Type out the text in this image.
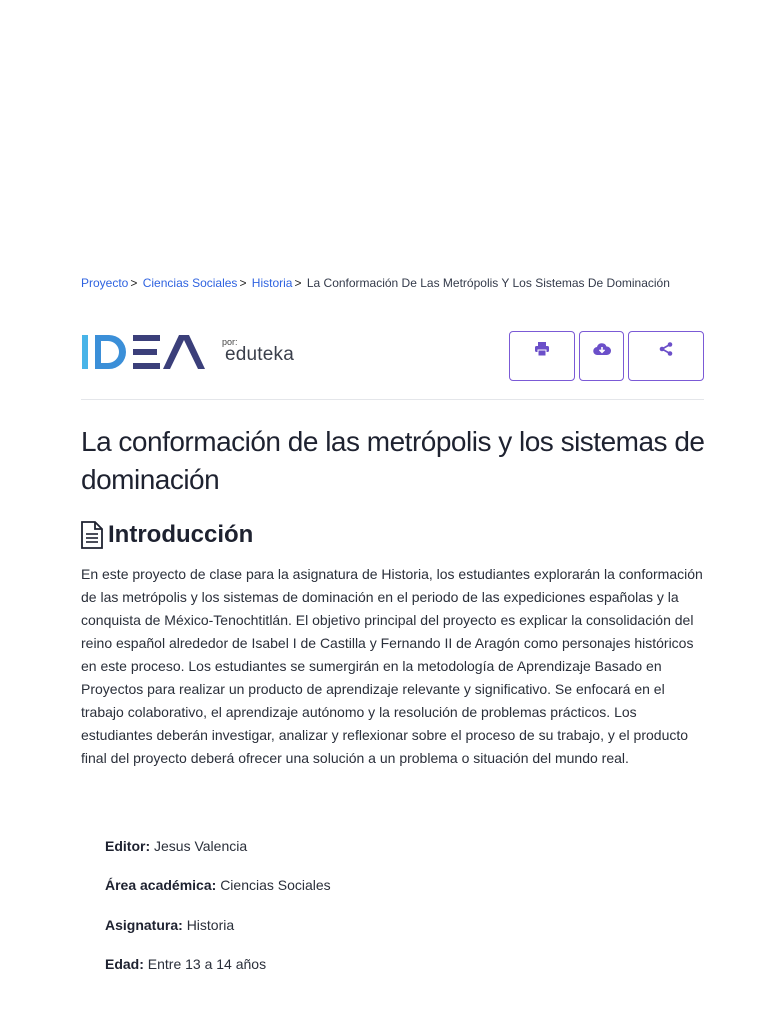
Proyecto > Ciencias Sociales > Historia > La Conformación De Las Metrópolis Y Los Sistemas De Dominación
por:
eduteka
La conformación de las metrópolis y los sistemas de dominación
Introducción

En este proyecto de clase para la asignatura de Historia, los estudiantes explorarán la conformación de las metrópolis y los sistemas de dominación en el periodo de las expediciones españolas y la conquista de México-Tenochtitlán. El objetivo principal del proyecto es explicar la consolidación del reino español alrededor de Isabel I de Castilla y Fernando II de Aragón como personajes históricos en este proceso. Los estudiantes se sumergirán en la metodología de Aprendizaje Basado en Proyectos para realizar un producto de aprendizaje relevante y significativo. Se enfocará en el trabajo colaborativo, el aprendizaje autónomo y la resolución de problemas prácticos. Los estudiantes deberán investigar, analizar y reflexionar sobre el proceso de su trabajo, y el producto final del proyecto deberá ofrecer una solución a un problema o situación del mundo real.

Editor: Jesus Valencia

Área académica: Ciencias Sociales

Asignatura: Historia

Edad: Entre 13 a 14 años
